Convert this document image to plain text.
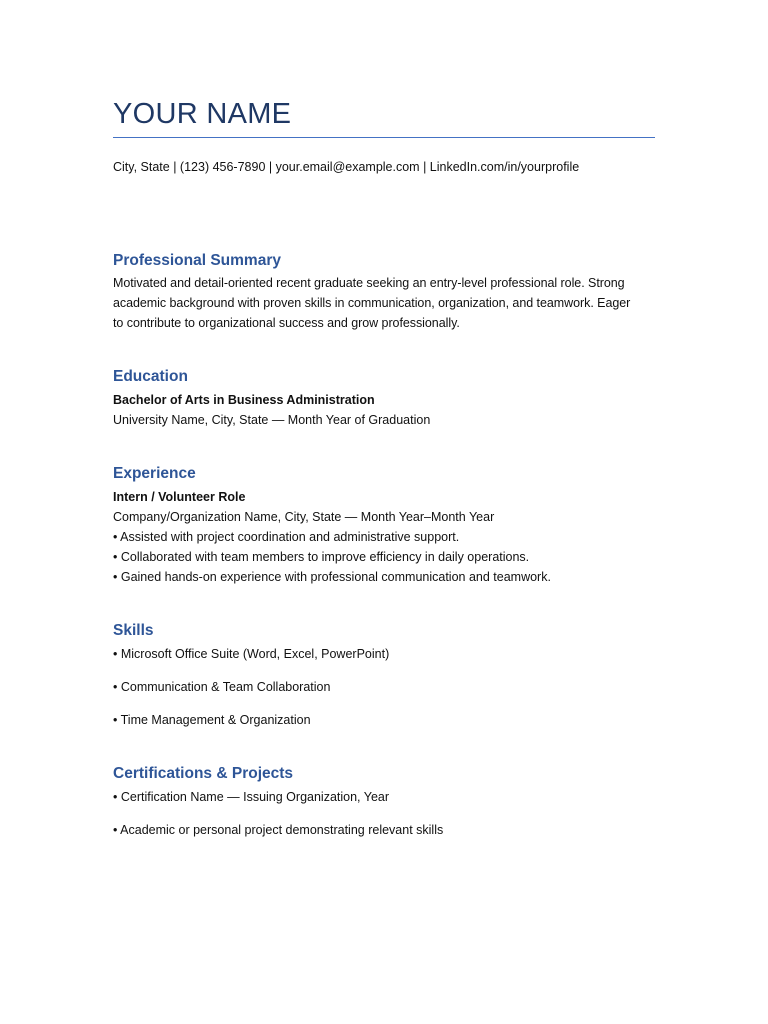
YOUR NAME
City, State | (123) 456-7890 | your.email@example.com | LinkedIn.com/in/yourprofile
Professional Summary
Motivated and detail-oriented recent graduate seeking an entry-level professional role. Strong
academic background with proven skills in communication, organization, and teamwork. Eager
to contribute to organizational success and grow professionally.
Education
Bachelor of Arts in Business Administration
University Name, City, State — Month Year of Graduation
Experience
Intern / Volunteer Role
Company/Organization Name, City, State — Month Year–Month Year
• Assisted with project coordination and administrative support.
• Collaborated with team members to improve efficiency in daily operations.
• Gained hands-on experience with professional communication and teamwork.
Skills
• Microsoft Office Suite (Word, Excel, PowerPoint)
• Communication & Team Collaboration
• Time Management & Organization
Certifications & Projects
• Certification Name — Issuing Organization, Year
• Academic or personal project demonstrating relevant skills
